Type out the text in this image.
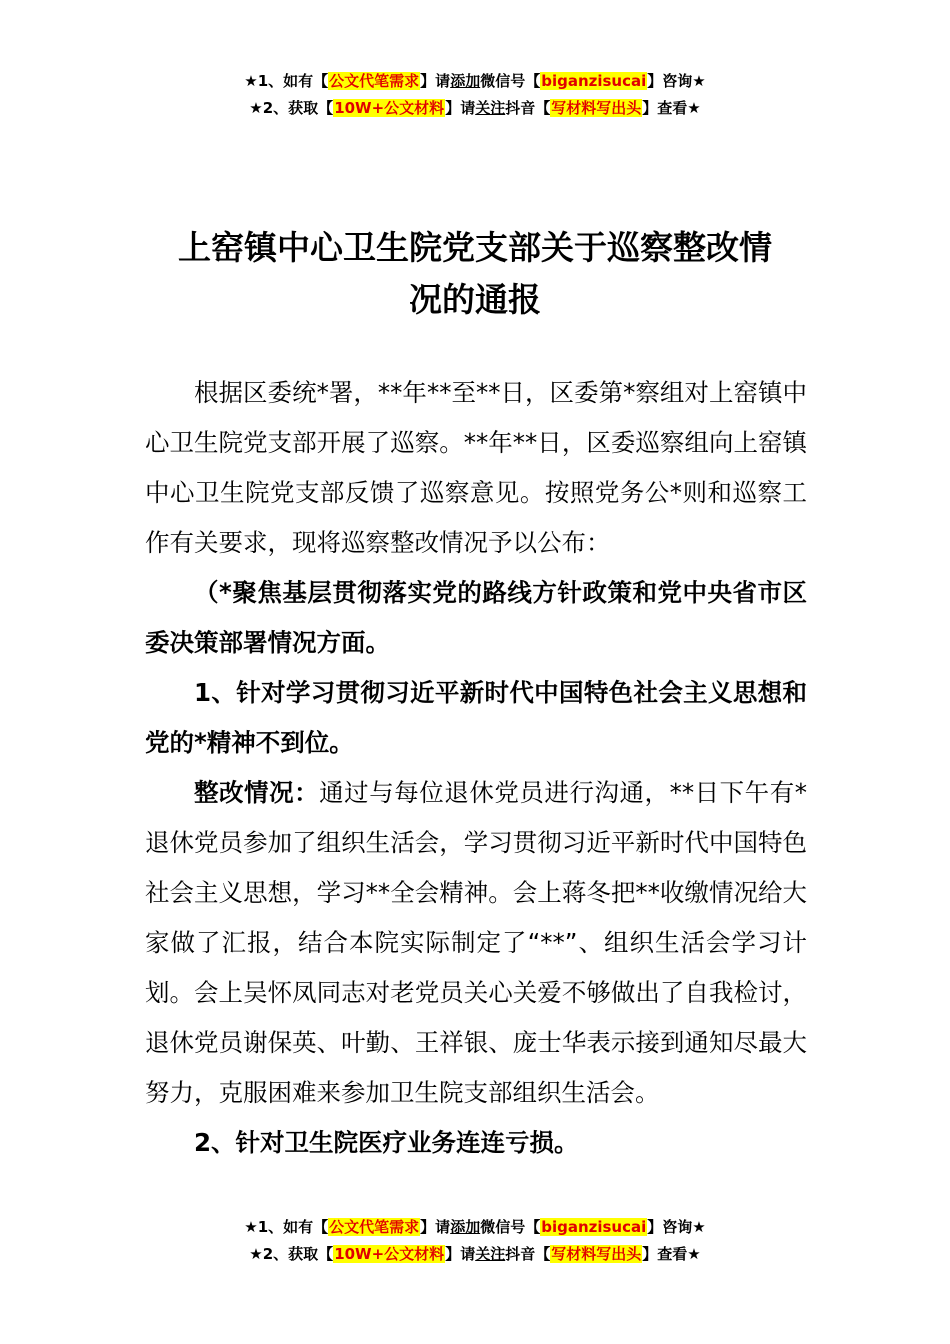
★1、如有【公文代笔需求】请添加微信号【biganzisucai】咨询★
★2、获取【10W+公文材料】请关注抖音【写材料写出头】查看★
上窑镇中心卫生院党支部关于巡察整改情
况的通报

根据区委统*署，**年**至**日，区委第*察组对上窑镇中心卫生院党支部开展了巡察。**年**日，区委巡察组向上窑镇中心卫生院党支部反馈了巡察意见。按照党务公*则和巡察工作有关要求，现将巡察整改情况予以公布：

（*聚焦基层贯彻落实党的路线方针政策和党中央省市区委决策部署情况方面。

1、针对学习贯彻习近平新时代中国特色社会主义思想和党的*精神不到位。

整改情况：通过与每位退休党员进行沟通，**日下午有*退休党员参加了组织生活会，学习贯彻习近平新时代中国特色社会主义思想，学习**全会精神。会上蒋冬把**收缴情况给大家做了汇报，结合本院实际制定了“**”、组织生活会学习计划。会上吴怀凤同志对老党员关心关爱不够做出了自我检讨，退休党员谢保英、叶勤、王祥银、庞士华表示接到通知尽最大努力，克服困难来参加卫生院支部组织生活会。

2、针对卫生院医疗业务连连亏损。

★1、如有【公文代笔需求】请添加微信号【biganzisucai】咨询★
★2、获取【10W+公文材料】请关注抖音【写材料写出头】查看★
